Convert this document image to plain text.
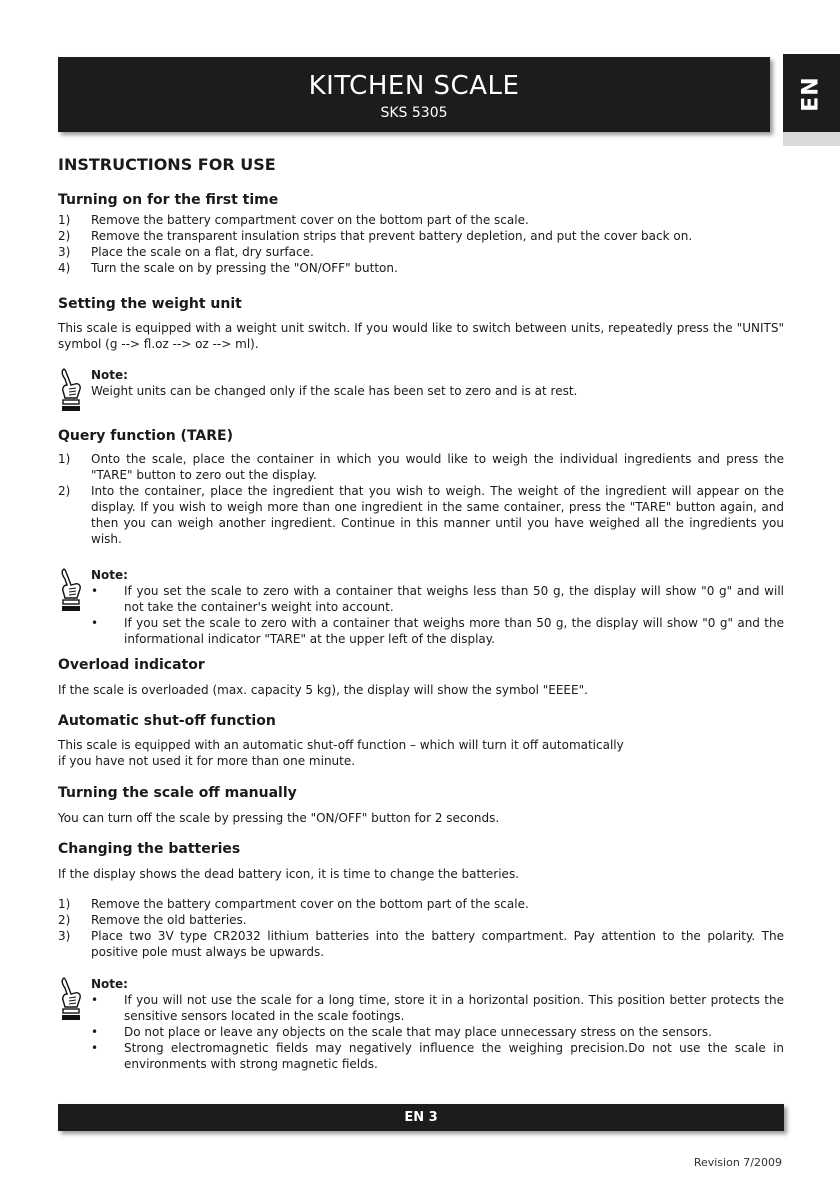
KITCHEN SCALE
SKS 5305
EN
INSTRUCTIONS FOR USE
Turning on for the first time
1) Remove the battery compartment cover on the bottom part of the scale.
2) Remove the transparent insulation strips that prevent battery depletion, and put the cover back on.
3) Place the scale on a flat, dry surface.
4) Turn the scale on by pressing the "ON/OFF" button.
Setting the weight unit
This scale is equipped with a weight unit switch. If you would like to switch between units, repeatedly press the "UNITS" symbol (g --> fl.oz --> oz --> ml).
Note:
Weight units can be changed only if the scale has been set to zero and is at rest.
Query function (TARE)
1) Onto the scale, place the container in which you would like to weigh the individual ingredients and press the "TARE" button to zero out the display.
2) Into the container, place the ingredient that you wish to weigh. The weight of the ingredient will appear on the display. If you wish to weigh more than one ingredient in the same container, press the "TARE" button again, and then you can weigh another ingredient. Continue in this manner until you have weighed all the ingredients you wish.
Note:
• If you set the scale to zero with a container that weighs less than 50 g, the display will show "0 g" and will not take the container's weight into account.
• If you set the scale to zero with a container that weighs more than 50 g, the display will show "0 g" and the informational indicator "TARE" at the upper left of the display.
Overload indicator
If the scale is overloaded (max. capacity 5 kg), the display will show the symbol "EEEE".
Automatic shut-off function
This scale is equipped with an automatic shut-off function – which will turn it off automatically
if you have not used it for more than one minute.
Turning the scale off manually
You can turn off the scale by pressing the "ON/OFF" button for 2 seconds.
Changing the batteries
If the display shows the dead battery icon, it is time to change the batteries.
1) Remove the battery compartment cover on the bottom part of the scale.
2) Remove the old batteries.
3) Place two 3V type CR2032 lithium batteries into the battery compartment. Pay attention to the polarity. The positive pole must always be upwards.
Note:
• If you will not use the scale for a long time, store it in a horizontal position. This position better protects the sensitive sensors located in the scale footings.
• Do not place or leave any objects on the scale that may place unnecessary stress on the sensors.
• Strong electromagnetic fields may negatively influence the weighing precision.Do not use the scale in environments with strong magnetic fields.
EN 3
Revision 7/2009
